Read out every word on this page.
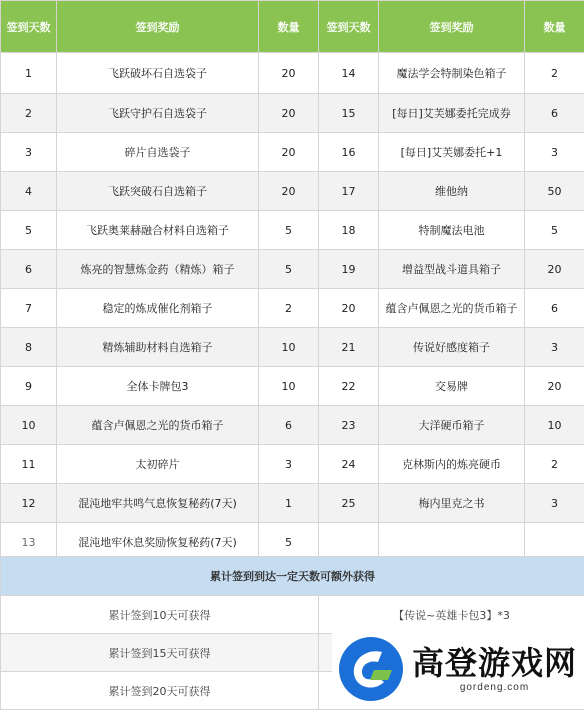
签到天数	签到奖励	数量	签到天数	签到奖励	数量
1	飞跃破坏石自选袋子	20	14	魔法学会特制染色箱子	2
2	飞跃守护石自选袋子	20	15	[每日]艾芙娜委托完成券	6
3	碎片自选袋子	20	16	[每日]艾芙娜委托+1	3
4	飞跃突破石自选箱子	20	17	维他纳	50
5	飞跃奥莱赫融合材料自选箱子	5	18	特制魔法电池	5
6	炼亮的智慧炼金药（精炼）箱子	5	19	增益型战斗道具箱子	20
7	稳定的炼成催化剂箱子	2	20	蕴含卢佩恩之光的货币箱子	6
8	精炼辅助材料自选箱子	10	21	传说好感度箱子	3
9	全体卡牌包3	10	22	交易牌	20
10	蕴含卢佩恩之光的货币箱子	6	23	大洋硬币箱子	10
11	太初碎片	3	24	克林斯内的炼亮硬币	2
12	混沌地牢共鸣气息恢复秘药(7天)	1	25	梅内里克之书	3
13	混沌地牢休息奖励恢复秘药(7天)	5			
累计签到到达一定天数可额外获得	
累计签到10天可获得	【传说~英雄卡包3】*3
累计签到15天可获得	
累计签到20天可获得	
高登游戏网
gordeng.com
